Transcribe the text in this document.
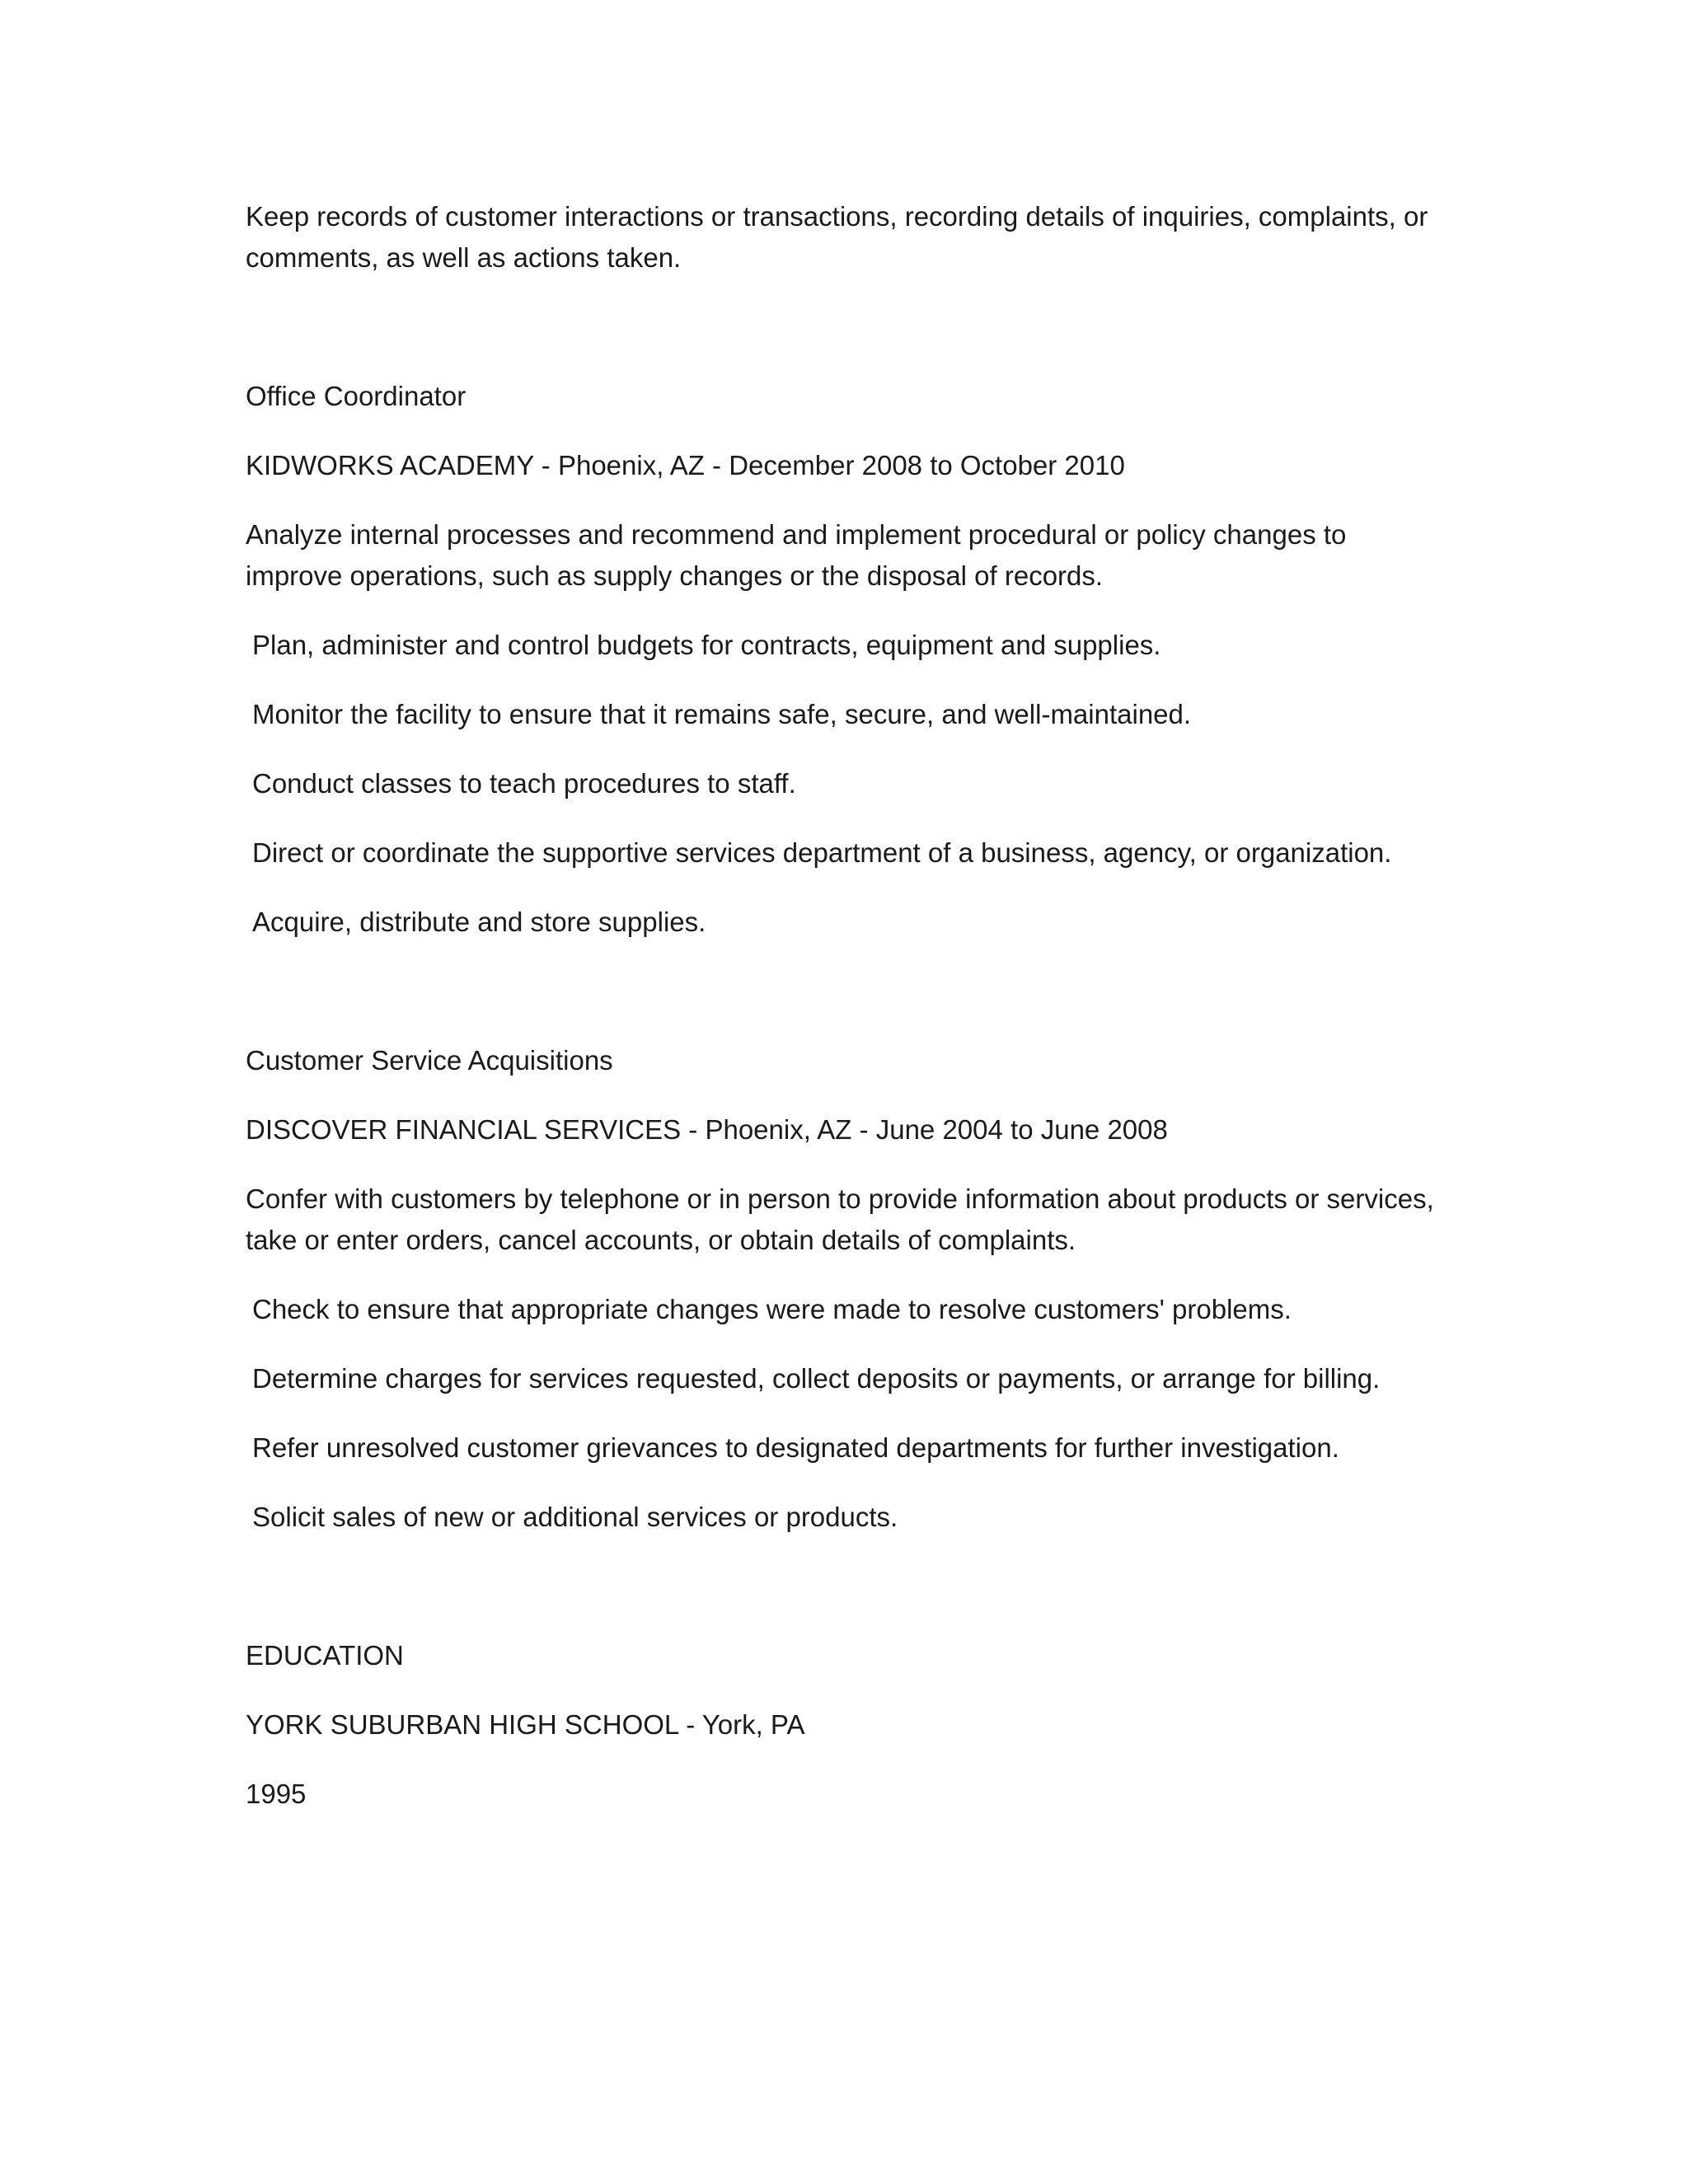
Keep records of customer interactions or transactions, recording details of inquiries, complaints, or comments, as well as actions taken.

Office Coordinator

KIDWORKS ACADEMY - Phoenix, AZ - December 2008 to October 2010

Analyze internal processes and recommend and implement procedural or policy changes to improve operations, such as supply changes or the disposal of records.

Plan, administer and control budgets for contracts, equipment and supplies.

Monitor the facility to ensure that it remains safe, secure, and well-maintained.

Conduct classes to teach procedures to staff.

Direct or coordinate the supportive services department of a business, agency, or organization.

Acquire, distribute and store supplies.

Customer Service Acquisitions

DISCOVER FINANCIAL SERVICES - Phoenix, AZ - June 2004 to June 2008

Confer with customers by telephone or in person to provide information about products or services, take or enter orders, cancel accounts, or obtain details of complaints.

Check to ensure that appropriate changes were made to resolve customers' problems.

Determine charges for services requested, collect deposits or payments, or arrange for billing.

Refer unresolved customer grievances to designated departments for further investigation.

Solicit sales of new or additional services or products.

EDUCATION

YORK SUBURBAN HIGH SCHOOL - York, PA

1995
